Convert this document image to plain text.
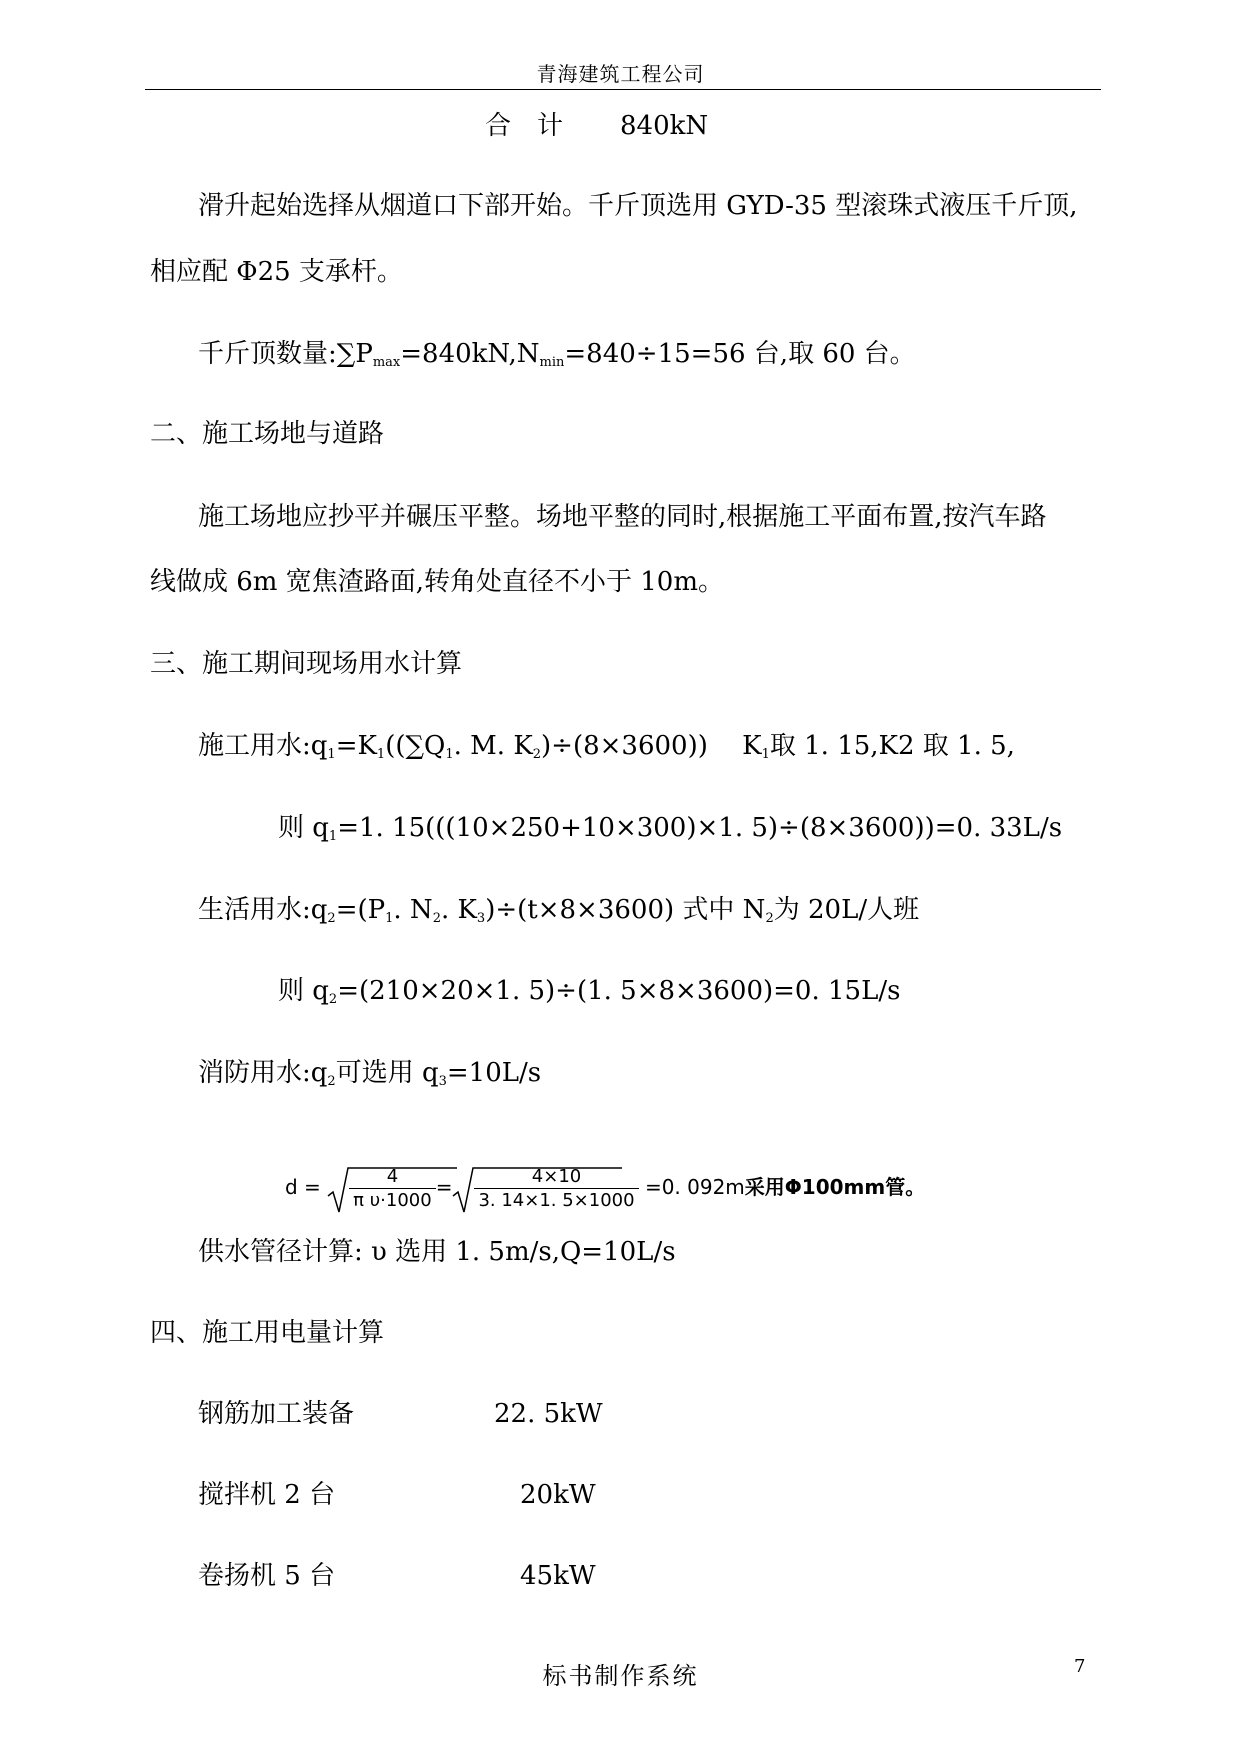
青海建筑工程公司
合　计 840kN
滑升起始选择从烟道口下部开始。千斤顶选用 GYD-35 型滚珠式液压千斤顶,
相应配 Φ25 支承杆。
千斤顶数量$:\sum P_{max}=840kN,N_{min}=840\div 15=56$ 台,取 60 台。
二、施工场地与道路
施工场地应抄平并碾压平整。场地平整的同时,根据施工平面布置,按汽车路
线做成 6m 宽焦渣路面,转角处直径不小于 10m。
三、施工期间现场用水计算
施工用水$:q_1=K_1((\sum Q_1$. M. $K_2)\div(8\times 3600)$)　 $K_1$取 1. 15,K2 取 1. 5,
则 $q_1=1$. 15(((10×250+10×300)×1. 5)÷(8×3600))=0. 33L/s
生活用水$:q_2=(P_1$. $N_2$. $K_3)\div(t\times 8\times 3600)$ 式中 $N_2$为 20L/人班
则 $q_2=(210\times 20\times 1$. 5)÷(1. 5×8×3600)=0. 15L/s
消防用水$:q_2$可选用 $q_3=10L/s$
$d = \frac{4}{\text{π υ·1000}} = \frac{4\times 10}{3. 14\times 1. 5\times 1000} =0$. 092m采用Φ100mm管。
供水管径计算: υ 选用 1. 5m/s,Q=10L/s
四、施工用电量计算
钢筋加工装备	22. 5kW
搅拌机 2 台	20kW
卷扬机 5 台	45kW
标书制作系统	7
